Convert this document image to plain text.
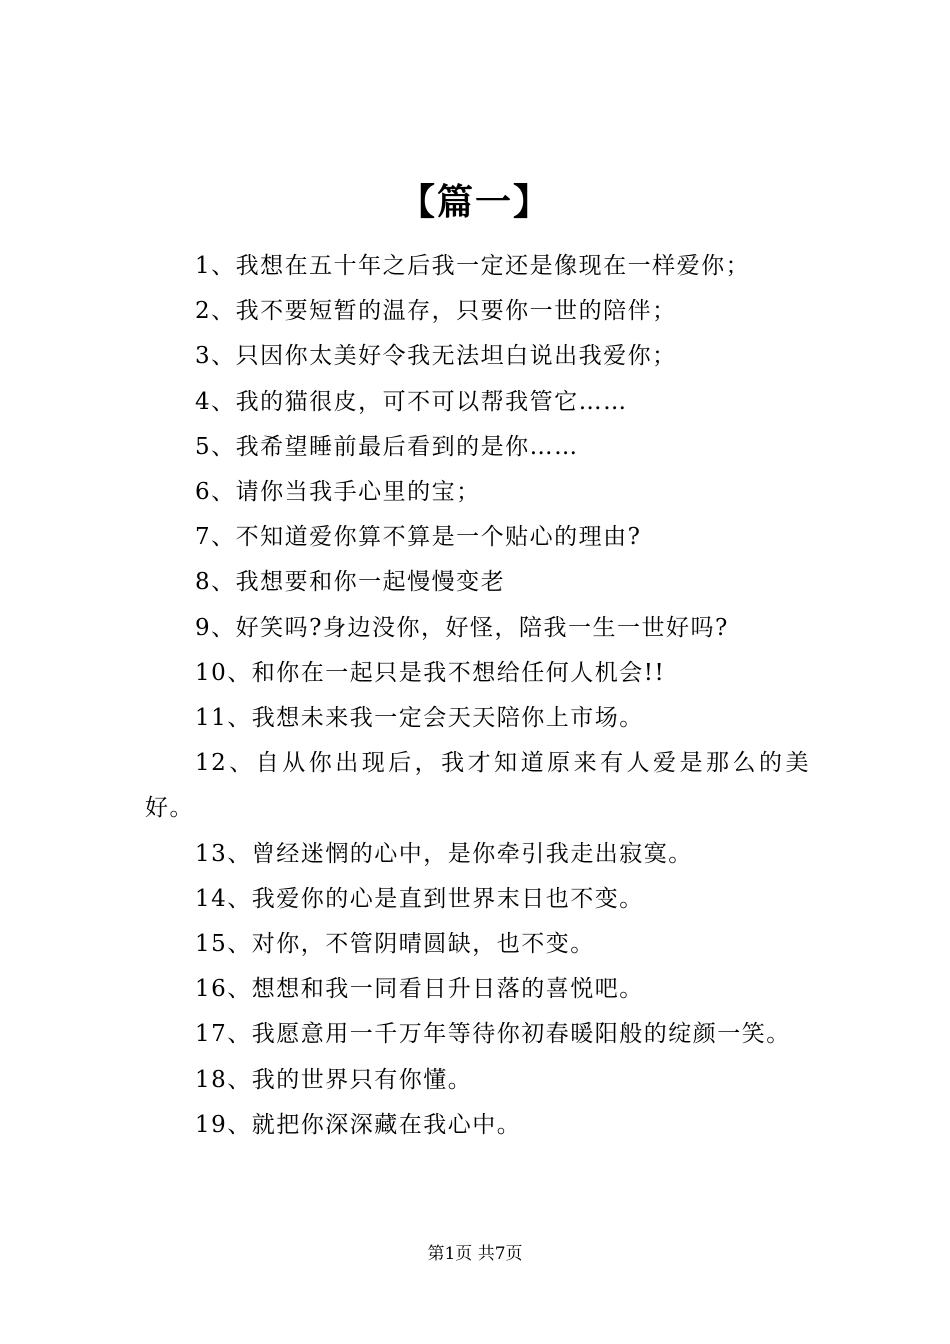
【篇一】
1、我想在五十年之后我一定还是像现在一样爱你；
2、我不要短暂的温存，只要你一世的陪伴；
3、只因你太美好令我无法坦白说出我爱你；
4、我的猫很皮，可不可以帮我管它……
5、我希望睡前最后看到的是你……
6、请你当我手心里的宝；
7、不知道爱你算不算是一个贴心的理由?
8、我想要和你一起慢慢变老
9、好笑吗?身边没你，好怪，陪我一生一世好吗?
10、和你在一起只是我不想给任何人机会!!
11、我想未来我一定会天天陪你上市场。
12、自从你出现后，我才知道原来有人爱是那么的美好。
13、曾经迷惘的心中，是你牵引我走出寂寞。
14、我爱你的心是直到世界末日也不变。
15、对你，不管阴晴圆缺，也不变。
16、想想和我一同看日升日落的喜悦吧。
17、我愿意用一千万年等待你初春暖阳般的绽颜一笑。
18、我的世界只有你懂。
19、就把你深深藏在我心中。
第1页 共7页
